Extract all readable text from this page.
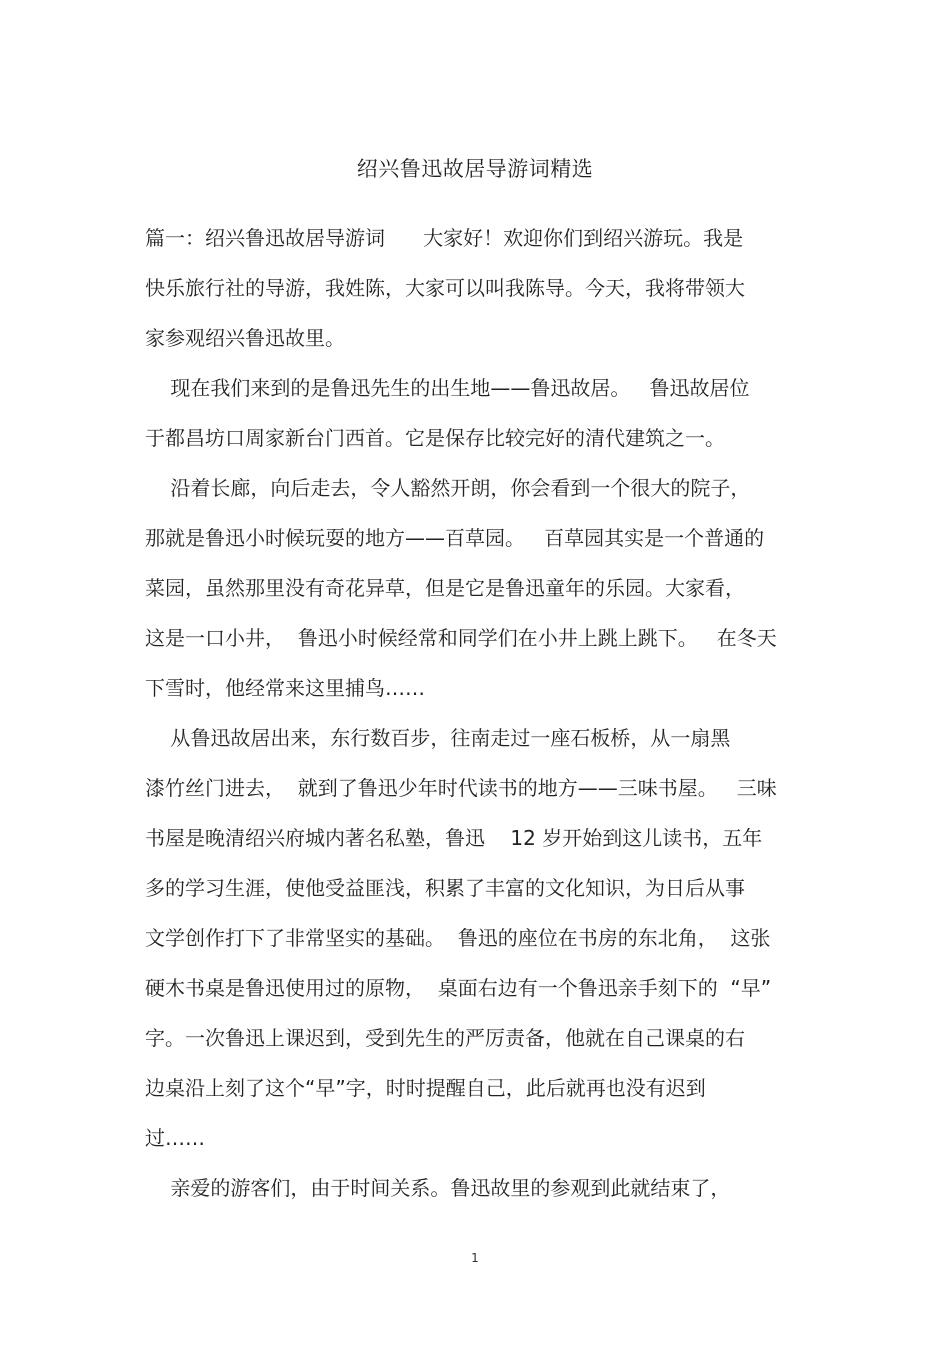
绍兴鲁迅故居导游词精选
篇一：绍兴鲁迅故居导游词      大家好！欢迎你们到绍兴游玩。我是
快乐旅行社的导游，我姓陈，大家可以叫我陈导。今天，我将带领大
家参观绍兴鲁迅故里。
现在我们来到的是鲁迅先生的出生地——鲁迅故居。   鲁迅故居位
于都昌坊口周家新台门西首。它是保存比较完好的清代建筑之一。
沿着长廊，向后走去，令人豁然开朗，你会看到一个很大的院子，
那就是鲁迅小时候玩耍的地方——百草园。   百草园其实是一个普通的
菜园，虽然那里没有奇花异草，但是它是鲁迅童年的乐园。大家看，
这是一口小井，  鲁迅小时候经常和同学们在小井上跳上跳下。   在冬天
下雪时，他经常来这里捕鸟……
从鲁迅故居出来，东行数百步，往南走过一座石板桥，从一扇黑
漆竹丝门进去，  就到了鲁迅少年时代读书的地方——三味书屋。   三味
书屋是晚清绍兴府城内著名私塾，鲁迅    12 岁开始到这儿读书，五年
多的学习生涯，使他受益匪浅，积累了丰富的文化知识，为日后从事
文学创作打下了非常坚实的基础。  鲁迅的座位在书房的东北角，  这张
硬木书桌是鲁迅使用过的原物，  桌面右边有一个鲁迅亲手刻下的  “早”
字。一次鲁迅上课迟到，受到先生的严厉责备，他就在自己课桌的右
边桌沿上刻了这个“早”字，时时提醒自己，此后就再也没有迟到
过……
亲爱的游客们，由于时间关系。鲁迅故里的参观到此就结束了，
1
